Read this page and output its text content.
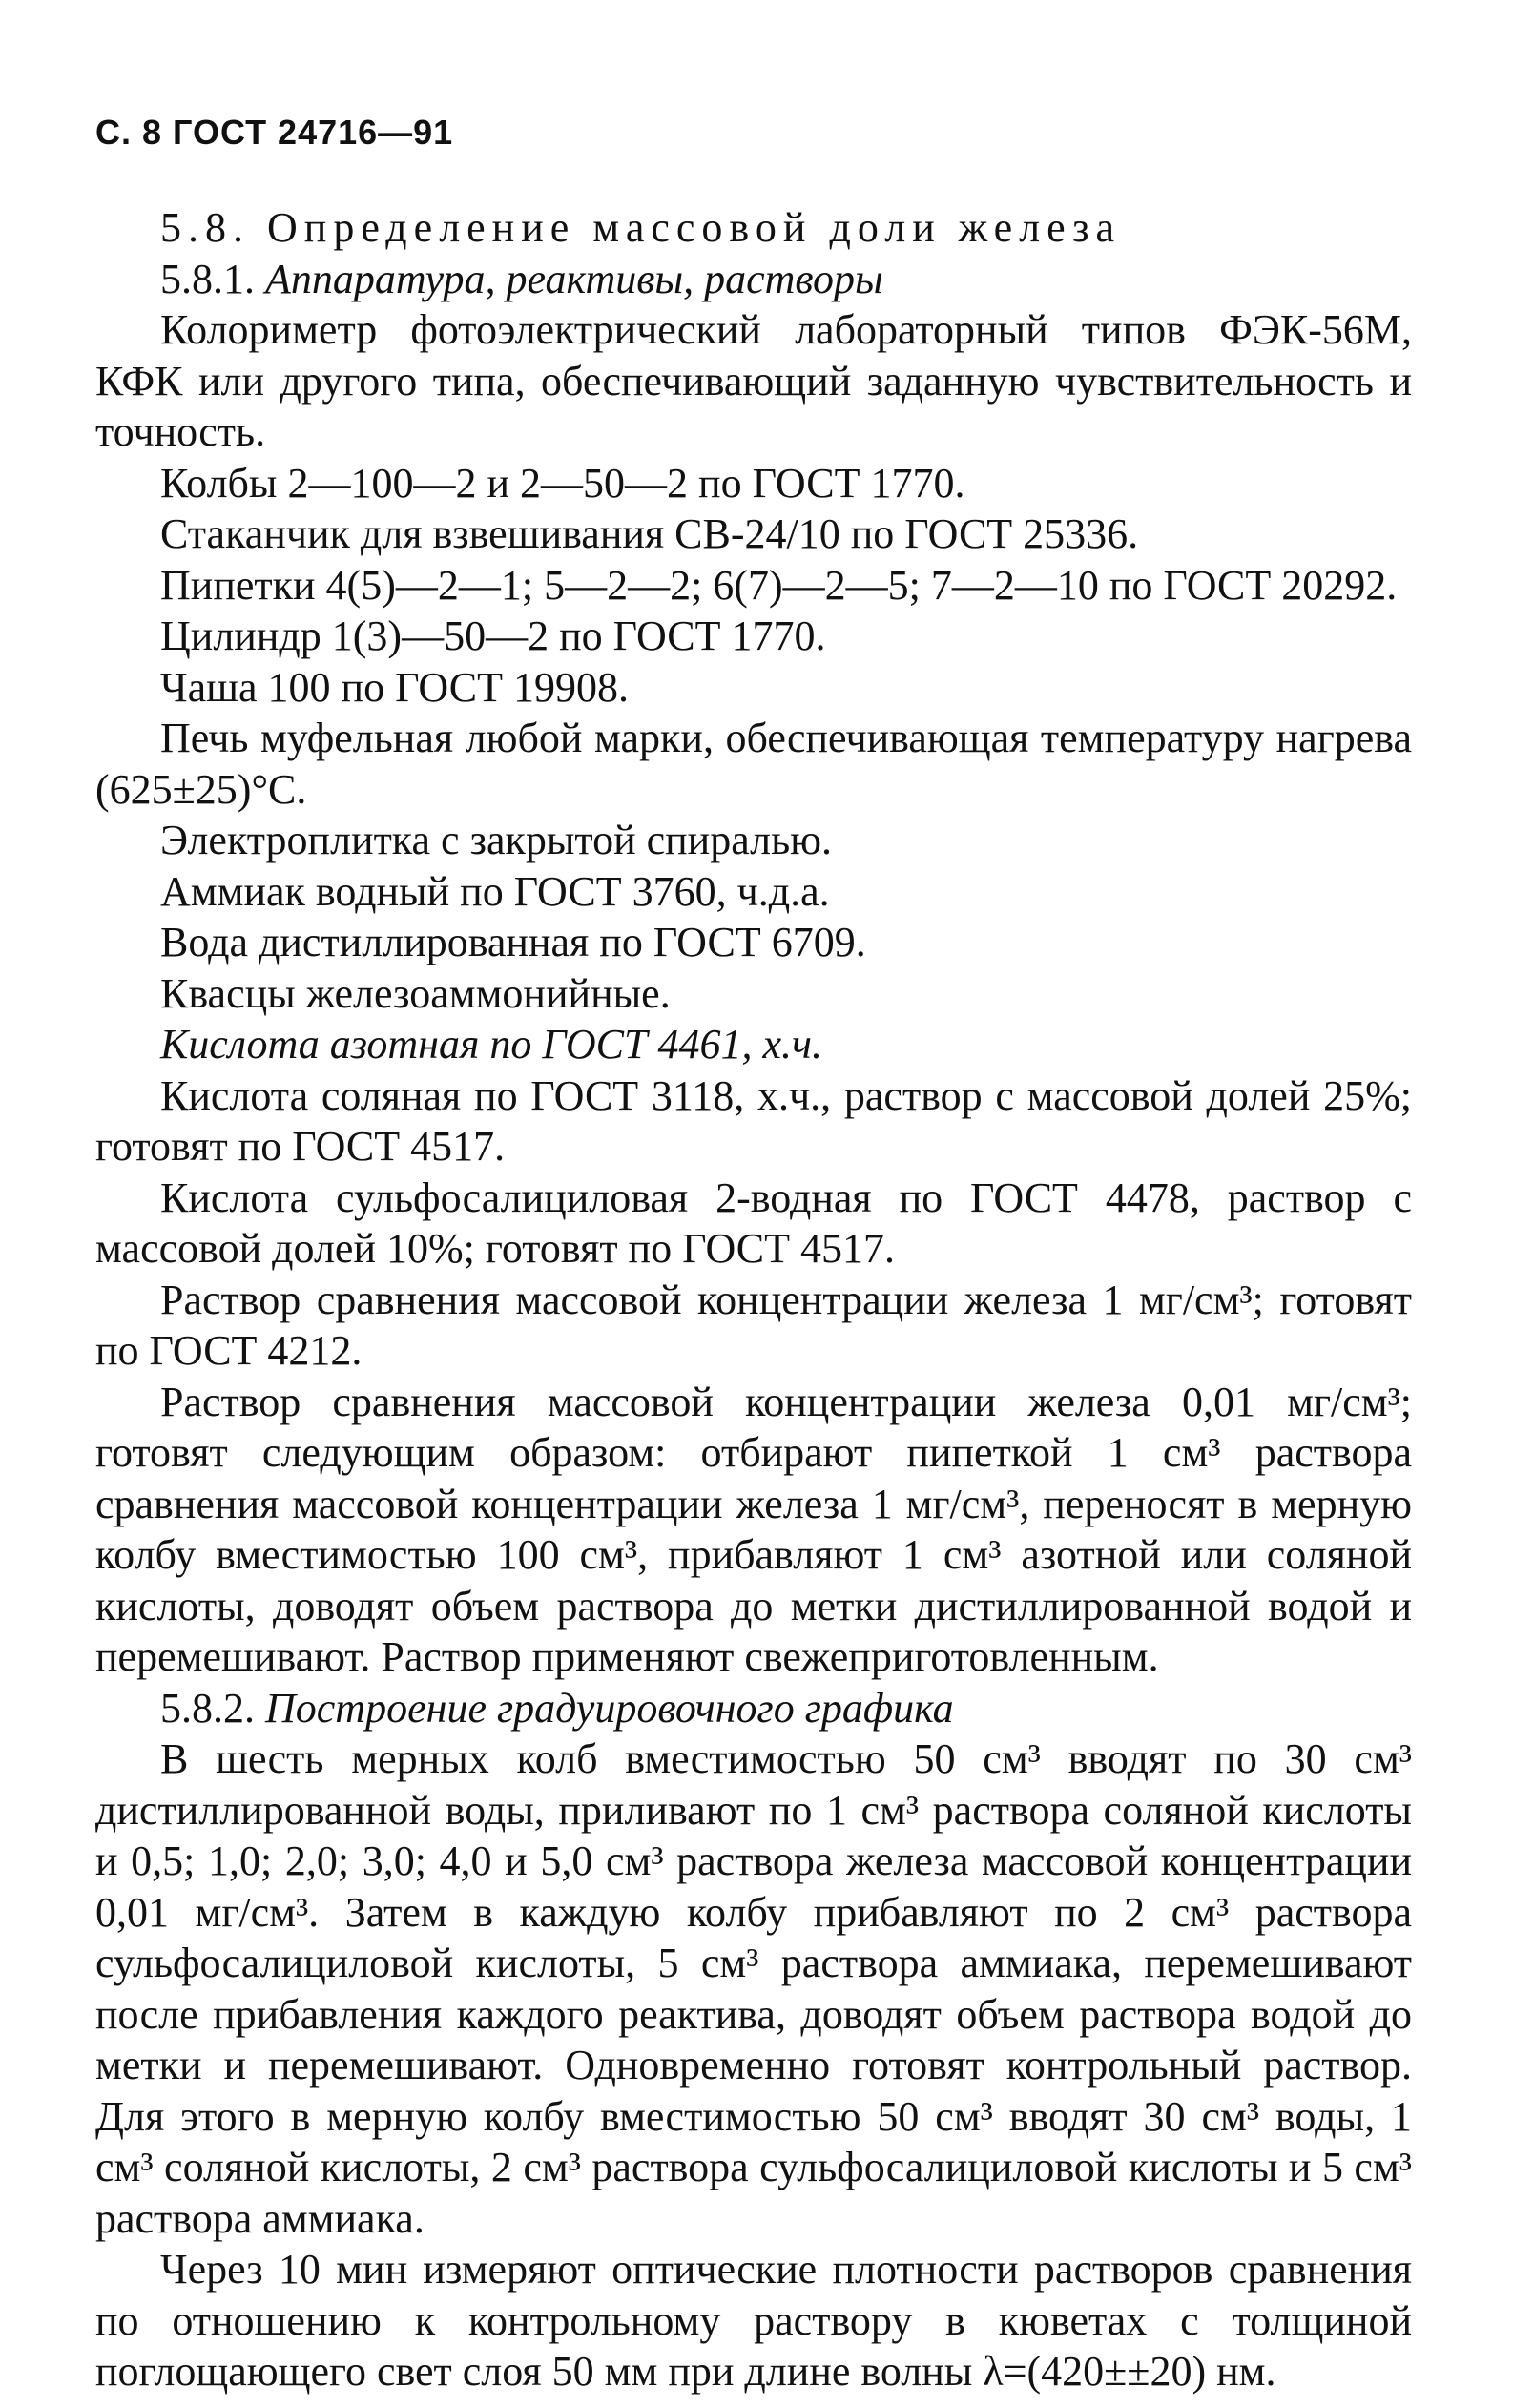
С. 8 ГОСТ 24716—91

5.8. Определение массовой доли железа

5.8.1. Аппаратура, реактивы, растворы

Колориметр фотоэлектрический лабораторный типов ФЭК-56М, КФК или другого типа, обеспечивающий заданную чувствительность и точность.

Колбы 2—100—2 и 2—50—2 по ГОСТ 1770.

Стаканчик для взвешивания СВ-24/10 по ГОСТ 25336.

Пипетки 4(5)—2—1; 5—2—2; 6(7)—2—5; 7—2—10 по ГОСТ 20292.

Цилиндр 1(3)—50—2 по ГОСТ 1770.

Чаша 100 по ГОСТ 19908.

Печь муфельная любой марки, обеспечивающая температуру нагрева (625±25)°С.

Электроплитка с закрытой спиралью.

Аммиак водный по ГОСТ 3760, ч.д.а.

Вода дистиллированная по ГОСТ 6709.

Квасцы железоаммонийные.

Кислота азотная по ГОСТ 4461, х.ч.

Кислота соляная по ГОСТ 3118, х.ч., раствор с массовой долей 25%; готовят по ГОСТ 4517.

Кислота сульфосалициловая 2-водная по ГОСТ 4478, раствор с массовой долей 10%; готовят по ГОСТ 4517.

Раствор сравнения массовой концентрации железа 1 мг/см³; готовят по ГОСТ 4212.

Раствор сравнения массовой концентрации железа 0,01 мг/см³; готовят следующим образом: отбирают пипеткой 1 см³ раствора сравнения массовой концентрации железа 1 мг/см³, переносят в мерную колбу вместимостью 100 см³, прибавляют 1 см³ азотной или соляной кислоты, доводят объем раствора до метки дистиллированной водой и перемешивают. Раствор применяют свежеприготовленным.

5.8.2. Построение градуировочного графика

В шесть мерных колб вместимостью 50 см³ вводят по 30 см³ дистиллированной воды, приливают по 1 см³ раствора соляной кислоты и 0,5; 1,0; 2,0; 3,0; 4,0 и 5,0 см³ раствора железа массовой концентрации 0,01 мг/см³. Затем в каждую колбу прибавляют по 2 см³ раствора сульфосалициловой кислоты, 5 см³ раствора аммиака, перемешивают после прибавления каждого реактива, доводят объем раствора водой до метки и перемешивают. Одновременно готовят контрольный раствор. Для этого в мерную колбу вместимостью 50 см³ вводят 30 см³ воды, 1 см³ соляной кислоты, 2 см³ раствора сульфосалициловой кислоты и 5 см³ раствора аммиака.

Через 10 мин измеряют оптические плотности растворов сравнения по отношению к контрольному раствору в кюветах с толщиной поглощающего свет слоя 50 мм при длине волны λ=(420±±20) нм.
